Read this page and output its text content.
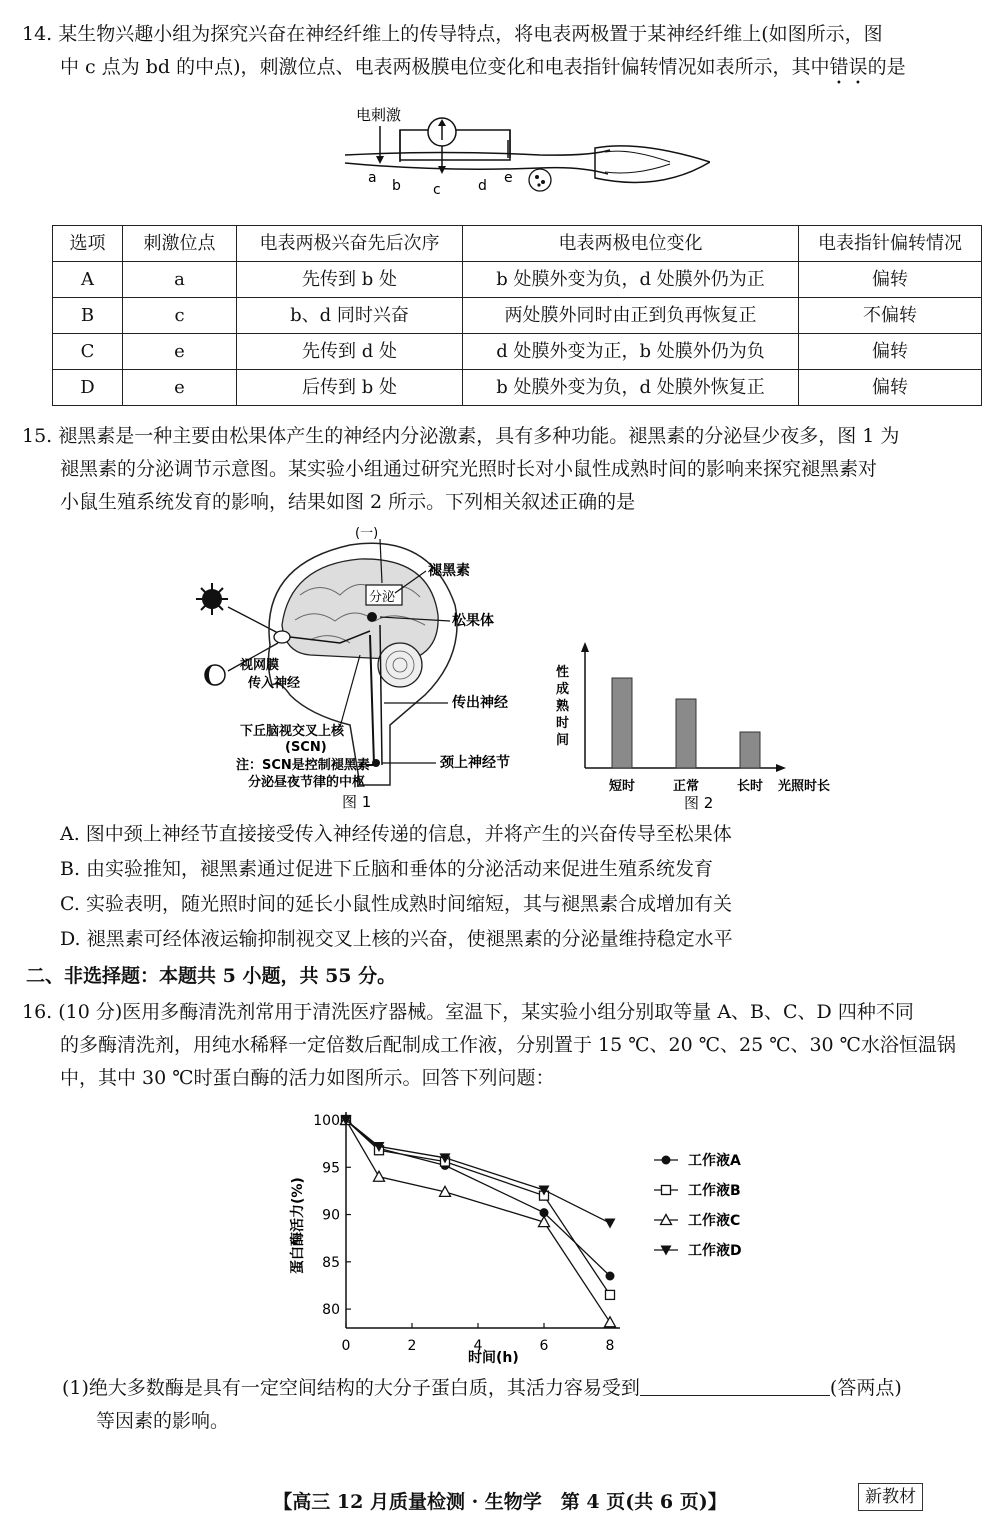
14. 某生物兴趣小组为探究兴奋在神经纤维上的传导特点，将电表两极置于某神经纤维上(如图所示，图

中 c 点为 bd 的中点)，刺激位点、电表两极膜电位变化和电表指针偏转情况如表所示，其中错误的是

电刺激
a b c	d e
选项	刺激位点	电表两极兴奋先后次序	电表两极电位变化	电表指针偏转情况
A	a	先传到 b 处	b 处膜外变为负，d 处膜外仍为正	偏转
B	c	b、d 同时兴奋	两处膜外同时由正到负再恢复正	不偏转
C	e	先传到 d 处	d 处膜外变为正，b 处膜外仍为负	偏转
D	e	后传到 b 处	b 处膜外变为负，d 处膜外恢复正	偏转

15. 褪黑素是一种主要由松果体产生的神经内分泌激素，具有多种功能。褪黑素的分泌昼少夜多，图 1 为

褪黑素的分泌调节示意图。某实验小组通过研究光照时长对小鼠性成熟时间的影响来探究褪黑素对

小鼠生殖系统发育的影响，结果如图 2 所示。下列相关叙述正确的是

分泌
(一)
褪黑素
松果体
视网膜
传入神经
传出神经
下丘脑视交叉上核
(SCN)
注：SCN是控制褪黑素
分泌昼夜节律的中枢
颈上神经节
图 1
性
成
熟
时
间
短时	正常	长时 光照时长
图 2

A. 图中颈上神经节直接接受传入神经传递的信息，并将产生的兴奋传导至松果体

B. 由实验推知，褪黑素通过促进下丘脑和垂体的分泌活动来促进生殖系统发育

C. 实验表明，随光照时间的延长小鼠性成熟时间缩短，其与褪黑素合成增加有关

D. 褪黑素可经体液运输抑制视交叉上核的兴奋，使褪黑素的分泌量维持稳定水平

二、非选择题：本题共 5 小题，共 55 分。

16. (10 分)医用多酶清洗剂常用于清洗医疗器械。室温下，某实验小组分别取等量 A、B、C、D 四种不同

的多酶清洗剂，用纯水稀释一定倍数后配制成工作液，分别置于 15 ℃、20 ℃、25 ℃、30 ℃水浴恒温锅

中，其中 30 ℃时蛋白酶的活力如图所示。回答下列问题：

80
85
90
95
100
0	2	4	6	8
工作液A
工作液B
工作液C
工作液D
蛋白酶活力(%)
时间(h)

(1)绝大多数酶是具有一定空间结构的大分子蛋白质，其活力容易受到	(答两点)

等因素的影响。

【高三 12 月质量检测 · 生物学　第 4 页(共 6 页)】	新教材
